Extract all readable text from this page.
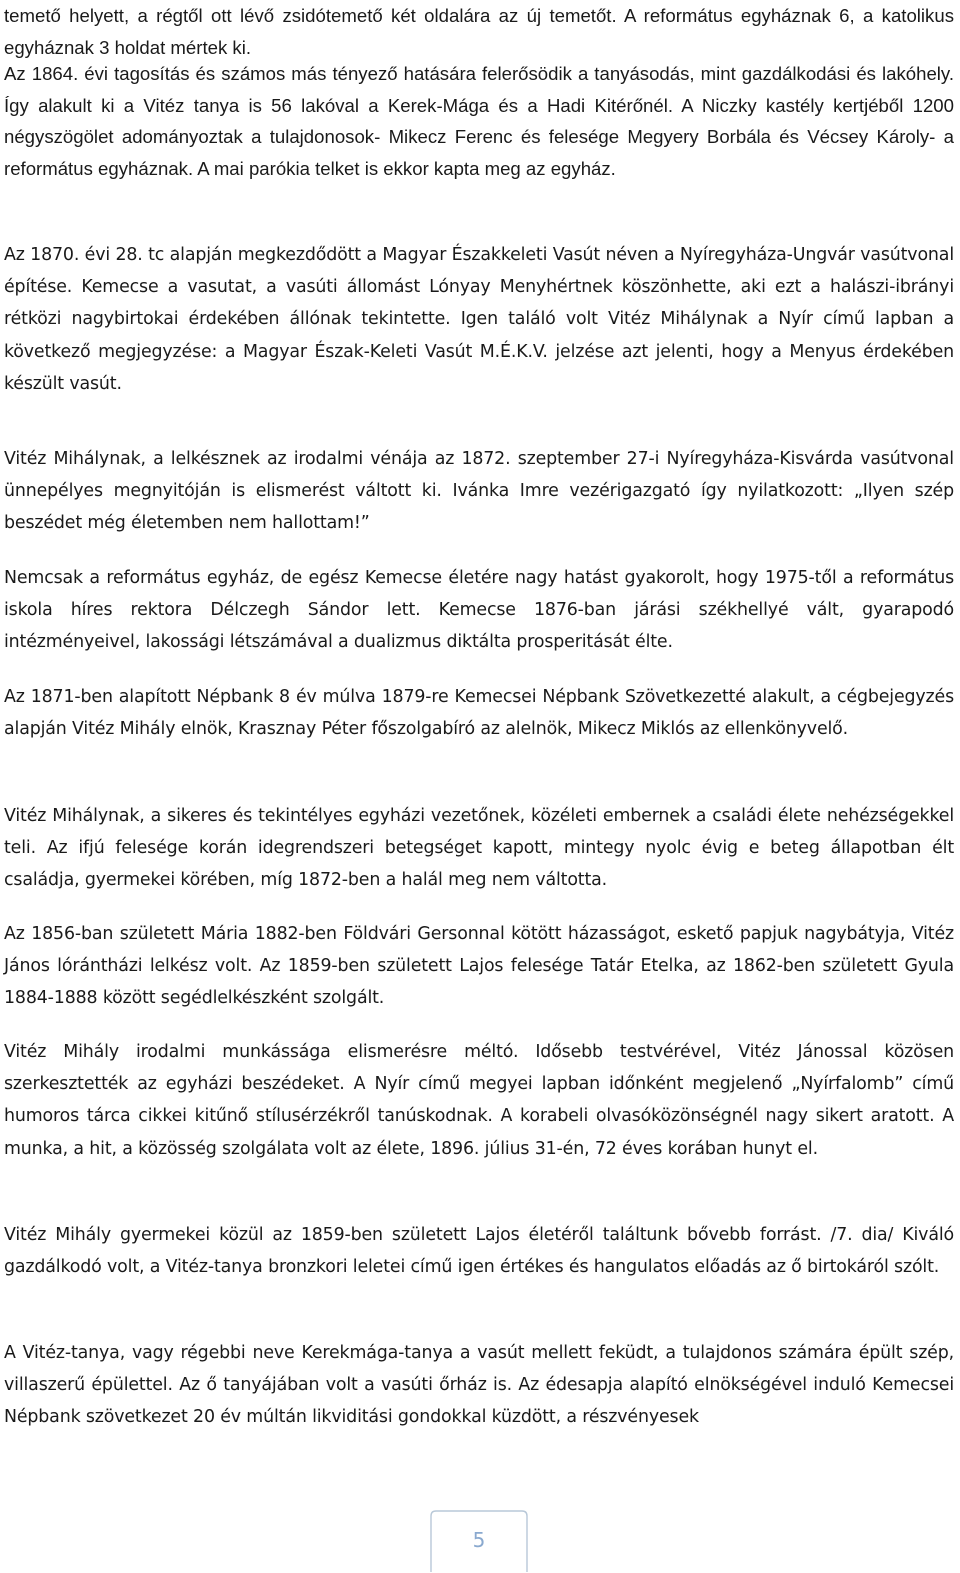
temető helyett, a régtől ott lévő zsidótemető két oldalára az új temetőt. A református egyháznak 6, a katolikus egyháznak 3 holdat mértek ki.

Az 1864. évi tagosítás és számos más tényező hatására felerősödik a tanyásodás, mint gazdálkodási és lakóhely. Így alakult ki a Vitéz tanya is 56 lakóval a Kerek-Mága és a Hadi Kitérőnél. A Niczky kastély kertjéből 1200 négyszögölet adományoztak a tulajdonosok- Mikecz Ferenc és felesége Megyery Borbála és Vécsey Károly- a református egyháznak. A mai parókia telket is ekkor kapta meg az egyház.

Az 1870. évi 28. tc alapján megkezdődött a Magyar Északkeleti Vasút néven a Nyíregyháza-Ungvár vasútvonal építése. Kemecse a vasutat, a vasúti állomást Lónyay Menyhértnek köszönhette, aki ezt a halászi-ibrányi rétközi nagybirtokai érdekében állónak tekintette. Igen találó volt Vitéz Mihálynak a Nyír című lapban a következő megjegyzése: a Magyar Észak-Keleti Vasút M.É.K.V. jelzése azt jelenti, hogy a Menyus érdekében készült vasút.

Vitéz Mihálynak, a lelkésznek az irodalmi vénája az 1872. szeptember 27-i Nyíregyháza-Kisvárda vasútvonal ünnepélyes megnyitóján is elismerést váltott ki. Ivánka Imre vezérigazgató így nyilatkozott: „Ilyen szép beszédet még életemben nem hallottam!”

Nemcsak a református egyház, de egész Kemecse életére nagy hatást gyakorolt, hogy 1975-től a református iskola híres rektora Délczegh Sándor lett. Kemecse 1876-ban járási székhellyé vált, gyarapodó intézményeivel, lakossági létszámával a dualizmus diktálta prosperitását élte.

Az 1871-ben alapított Népbank 8 év múlva 1879-re Kemecsei Népbank Szövetkezetté alakult, a cégbejegyzés alapján Vitéz Mihály elnök, Krasznay Péter főszolgabíró az alelnök, Mikecz Miklós az ellenkönyvelő.

Vitéz Mihálynak, a sikeres és tekintélyes egyházi vezetőnek, közéleti embernek a családi élete nehézségekkel teli. Az ifjú felesége korán idegrendszeri betegséget kapott, mintegy nyolc évig e beteg állapotban élt családja, gyermekei körében, míg 1872-ben a halál meg nem váltotta.

Az 1856-ban született Mária 1882-ben Földvári Gersonnal kötött házasságot, eskető papjuk nagybátyja, Vitéz János lórántházi lelkész volt. Az 1859-ben született Lajos felesége Tatár Etelka, az 1862-ben született Gyula 1884-1888 között segédlelkészként szolgált.

Vitéz Mihály irodalmi munkássága elismerésre méltó. Idősebb testvérével, Vitéz Jánossal közösen szerkesztették az egyházi beszédeket. A Nyír című megyei lapban időnként megjelenő „Nyírfalomb” című humoros tárca cikkei kitűnő stílusérzékről tanúskodnak. A korabeli olvasóközönségnél nagy sikert aratott. A munka, a hit, a közösség szolgálata volt az élete, 1896. július 31-én, 72 éves korában hunyt el.

Vitéz Mihály gyermekei közül az 1859-ben született Lajos életéről találtunk bővebb forrást. /7. dia/ Kiváló gazdálkodó volt, a Vitéz-tanya bronzkori leletei című igen értékes és hangulatos előadás az ő birtokáról szólt.

A Vitéz-tanya, vagy régebbi neve Kerekmága-tanya a vasút mellett feküdt, a tulajdonos számára épült szép, villaszerű épülettel. Az ő tanyájában volt a vasúti őrház is. Az édesapja alapító elnökségével induló Kemecsei Népbank szövetkezet 20 év múltán likviditási gondokkal küzdött, a részvényesek

5
